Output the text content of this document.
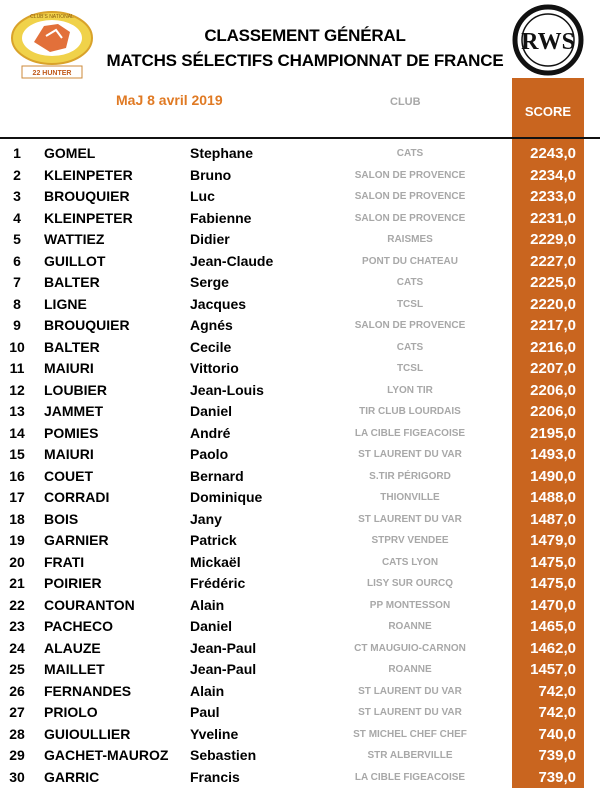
22 HUNTER
CLUB'S NATIONAL
RWS
CLASSEMENT GÉNÉRAL
MATCHS SÉLECTIFS CHAMPIONNAT DE FRANCE
MaJ 8 avril 2019	CLUB
SCORE
1	GOMEL	Stephane	CATS	2243,0
2	KLEINPETER	Bruno	SALON DE PROVENCE	2234,0
3	BROUQUIER	Luc	SALON DE PROVENCE	2233,0
4	KLEINPETER	Fabienne	SALON DE PROVENCE	2231,0
5	WATTIEZ	Didier	RAISMES	2229,0
6	GUILLOT	Jean-Claude	PONT DU CHATEAU	2227,0
7	BALTER	Serge	CATS	2225,0
8	LIGNE	Jacques	TCSL	2220,0
9	BROUQUIER	Agnés	SALON DE PROVENCE	2217,0
10	BALTER	Cecile	CATS	2216,0
11	MAIURI	Vittorio	TCSL	2207,0
12	LOUBIER	Jean-Louis	LYON TIR	2206,0
13	JAMMET	Daniel	TIR CLUB LOURDAIS	2206,0
14	POMIES	André	LA CIBLE FIGEACOISE	2195,0
15	MAIURI	Paolo	ST LAURENT DU VAR	1493,0
16	COUET	Bernard	S.TIR PÉRIGORD	1490,0
17	CORRADI	Dominique	THIONVILLE	1488,0
18	BOIS	Jany	ST LAURENT DU VAR	1487,0
19	GARNIER	Patrick	STPRV VENDEE	1479,0
20	FRATI	Mickaël	CATS LYON	1475,0
21	POIRIER	Frédéric	LISY SUR OURCQ	1475,0
22	COURANTON	Alain	PP MONTESSON	1470,0
23	PACHECO	Daniel	ROANNE	1465,0
24	ALAUZE	Jean-Paul	CT MAUGUIO-CARNON	1462,0
25	MAILLET	Jean-Paul	ROANNE	1457,0
26	FERNANDES	Alain	ST LAURENT DU VAR	742,0
27	PRIOLO	Paul	ST LAURENT DU VAR	742,0
28	GUIOULLIER	Yveline	ST MICHEL CHEF CHEF	740,0
29	GACHET-MAUROZ Sebastien	STR ALBERVILLE	739,0
30	GARRIC	Francis	LA CIBLE FIGEACOISE	739,0
